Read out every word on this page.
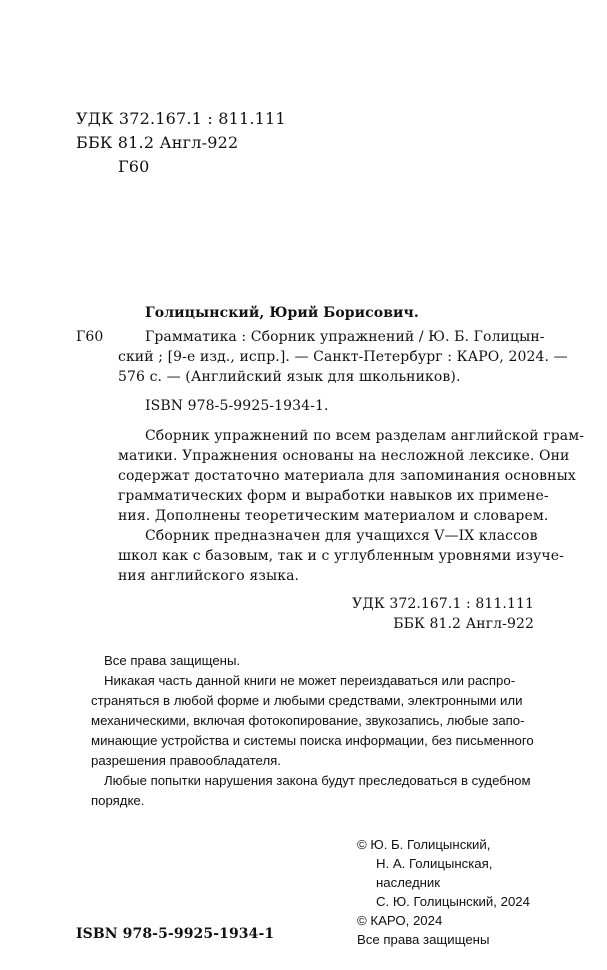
УДК 372.167.1 : 811.111
ББК 81.2 Англ-922
Г60
Голицынский, Юрий Борисович.
Г60	Грамматика : Сборник упражнений / Ю. Б. Голицын-
ский ; [9-е изд., испр.]. — Санкт-Петербург : КАРО, 2024. —
576 с. — (Английский язык для школьников).
ISBN 978-5-9925-1934-1.
Сборник упражнений по всем разделам английской грам-
матики. Упражнения основаны на несложной лексике. Они
содержат достаточно материала для запоминания основных
грамматических форм и выработки навыков их примене-
ния. Дополнены теоретическим материалом и словарем.
Сборник предназначен для учащихся V—IX классов
школ как с базовым, так и с углубленным уровнями изуче-
ния английского языка.
УДК 372.167.1 : 811.111
ББК 81.2 Англ-922
Все права защищены.
Никакая часть данной книги не может переиздаваться или распро-
страняться в любой форме и любыми средствами, электронными или
механическими, включая фотокопирование, звукозапись, любые запо-
минающие устройства и системы поиска информации, без письменного
разрешения правообладателя.
Любые попытки нарушения закона будут преследоваться в судебном
порядке.
© Ю. Б. Голицынский,
Н. А. Голицынская,
наследник
С. Ю. Голицынский, 2024
© КАРО, 2024
Все права защищены
ISBN 978-5-9925-1934-1
